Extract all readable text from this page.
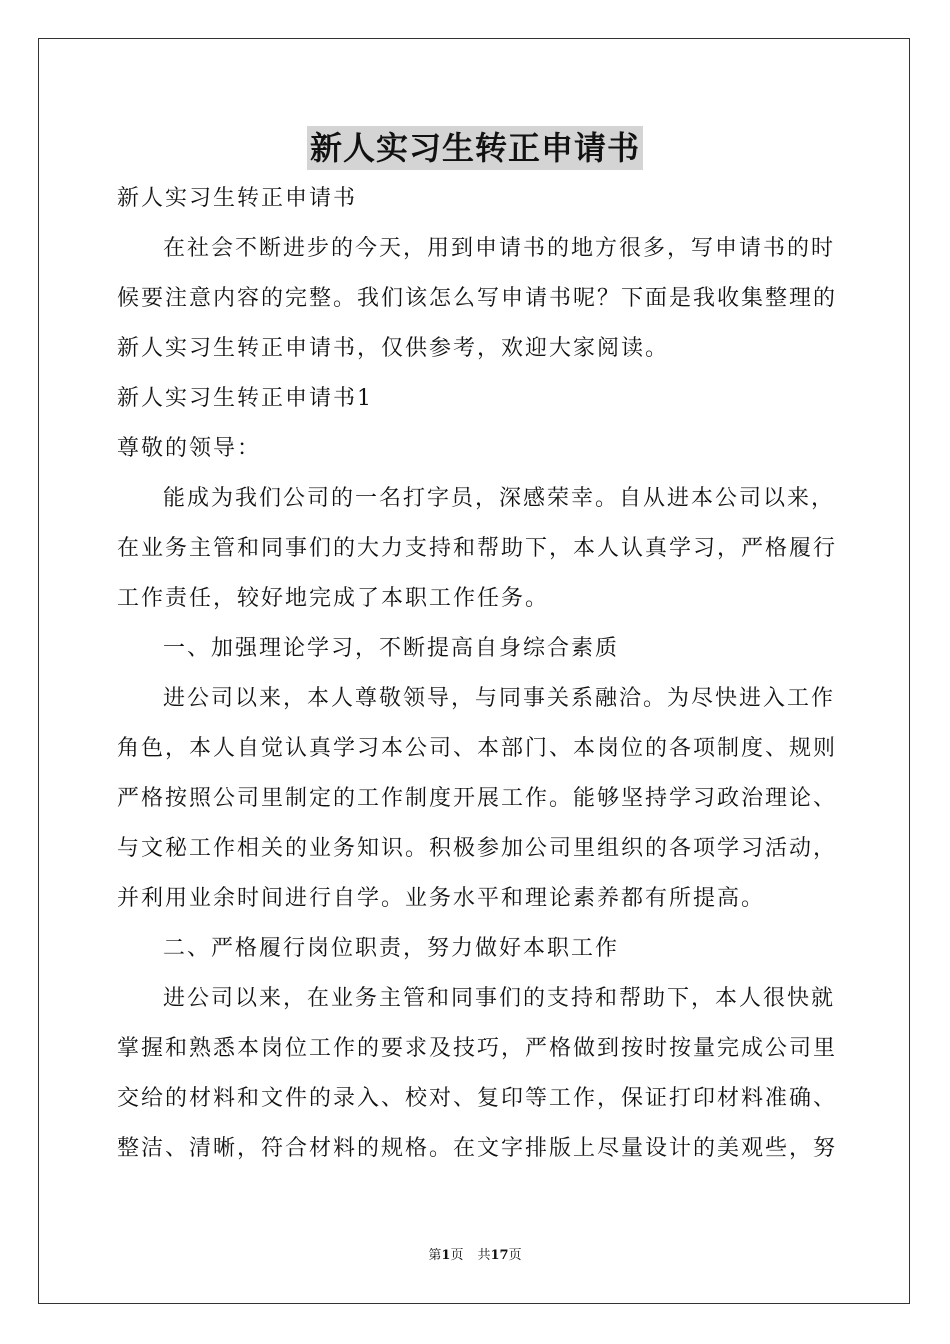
新人实习生转正申请书
新人实习生转正申请书
在社会不断进步的今天，用到申请书的地方很多，写申请书的时
候要注意内容的完整。我们该怎么写申请书呢？下面是我收集整理的
新人实习生转正申请书，仅供参考，欢迎大家阅读。
新人实习生转正申请书1
尊敬的领导：
能成为我们公司的一名打字员，深感荣幸。自从进本公司以来，
在业务主管和同事们的大力支持和帮助下，本人认真学习，严格履行
工作责任，较好地完成了本职工作任务。
一、加强理论学习，不断提高自身综合素质
进公司以来，本人尊敬领导，与同事关系融洽。为尽快进入工作
角色，本人自觉认真学习本公司、本部门、本岗位的各项制度、规则
严格按照公司里制定的工作制度开展工作。能够坚持学习政治理论、
与文秘工作相关的业务知识。积极参加公司里组织的各项学习活动，
并利用业余时间进行自学。业务水平和理论素养都有所提高。
二、严格履行岗位职责，努力做好本职工作
进公司以来，在业务主管和同事们的支持和帮助下，本人很快就
掌握和熟悉本岗位工作的要求及技巧，严格做到按时按量完成公司里
交给的材料和文件的录入、校对、复印等工作，保证打印材料准确、
整洁、清晰，符合材料的规格。在文字排版上尽量设计的美观些，努
第1页 共17页
